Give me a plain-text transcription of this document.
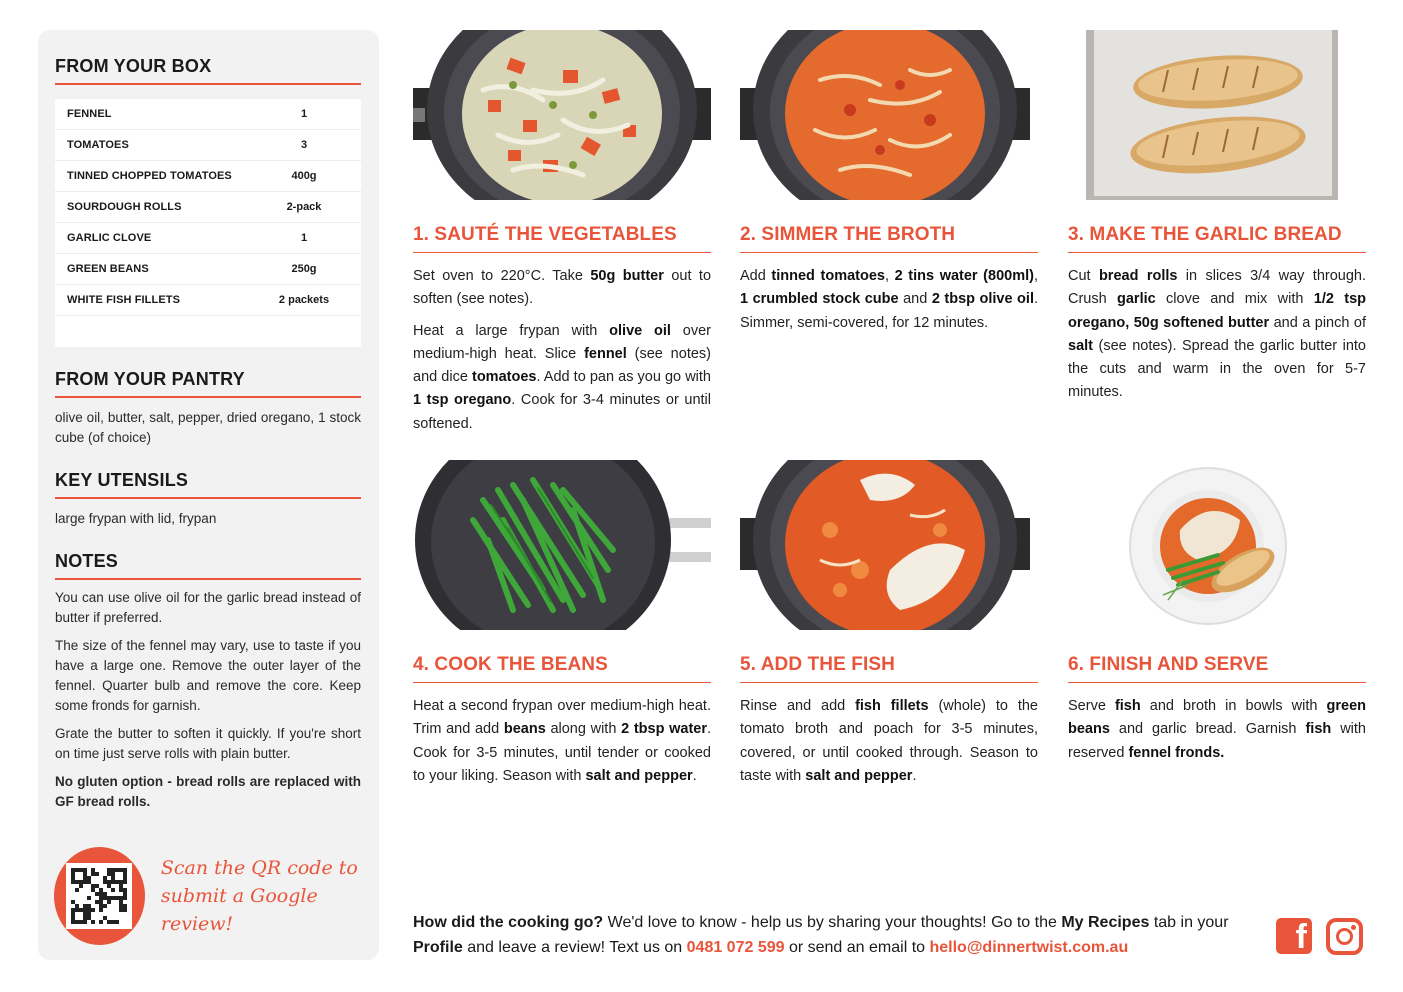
FROM YOUR BOX
FENNEL	1
TOMATOES	3
TINNED CHOPPED TOMATOES	400g
SOURDOUGH ROLLS	2-pack
GARLIC CLOVE	1
GREEN BEANS	250g
WHITE FISH FILLETS	2 packets
FROM YOUR PANTRY
olive oil, butter, salt, pepper, dried oregano, 1 stock cube (of choice)
KEY UTENSILS
large frypan with lid, frypan
NOTES

You can use olive oil for the garlic bread instead of butter if preferred.

The size of the fennel may vary, use to taste if you have a large one. Remove the outer layer of the fennel. Quarter bulb and remove the core. Keep some fronds for garnish.

Grate the butter to soften it quickly. If you're short on time just serve rolls with plain butter.

No gluten option - bread rolls are replaced with GF bread rolls.

Scan the QR code to
submit a Google review!
1. SAUTÉ THE VEGETABLES

Set oven to 220°C. Take 50g butter out to soften (see notes).

Heat a large frypan with olive oil over medium-high heat. Slice fennel (see notes) and dice tomatoes. Add to pan as you go with 1 tsp oregano. Cook for 3-4 minutes or until softened.

2. SIMMER THE BROTH

Add tinned tomatoes, 2 tins water (800ml), 1 crumbled stock cube and 2 tbsp olive oil. Simmer, semi-covered, for 12 minutes.

3. MAKE THE GARLIC BREAD

Cut bread rolls in slices 3/4 way through. Crush garlic clove and mix with 1/2 tsp oregano, 50g softened butter and a pinch of salt (see notes). Spread the garlic butter into the cuts and warm in the oven for 5-7 minutes.

4. COOK THE BEANS

Heat a second frypan over medium-high heat. Trim and add beans along with 2 tbsp water. Cook for 3-5 minutes, until tender or cooked to your liking. Season with salt and pepper.

5. ADD THE FISH

Rinse and add fish fillets (whole) to the tomato broth and poach for 3-5 minutes, covered, or until cooked through. Season to taste with salt and pepper.

6. FINISH AND SERVE

Serve fish and broth in bowls with green beans and garlic bread. Garnish fish with reserved fennel fronds.

How did the cooking go? We'd love to know - help us by sharing your thoughts! Go to the My Recipes tab in your Profile and leave a review! Text us on 0481 072 599 or send an email to hello@dinnertwist.com.au	f
